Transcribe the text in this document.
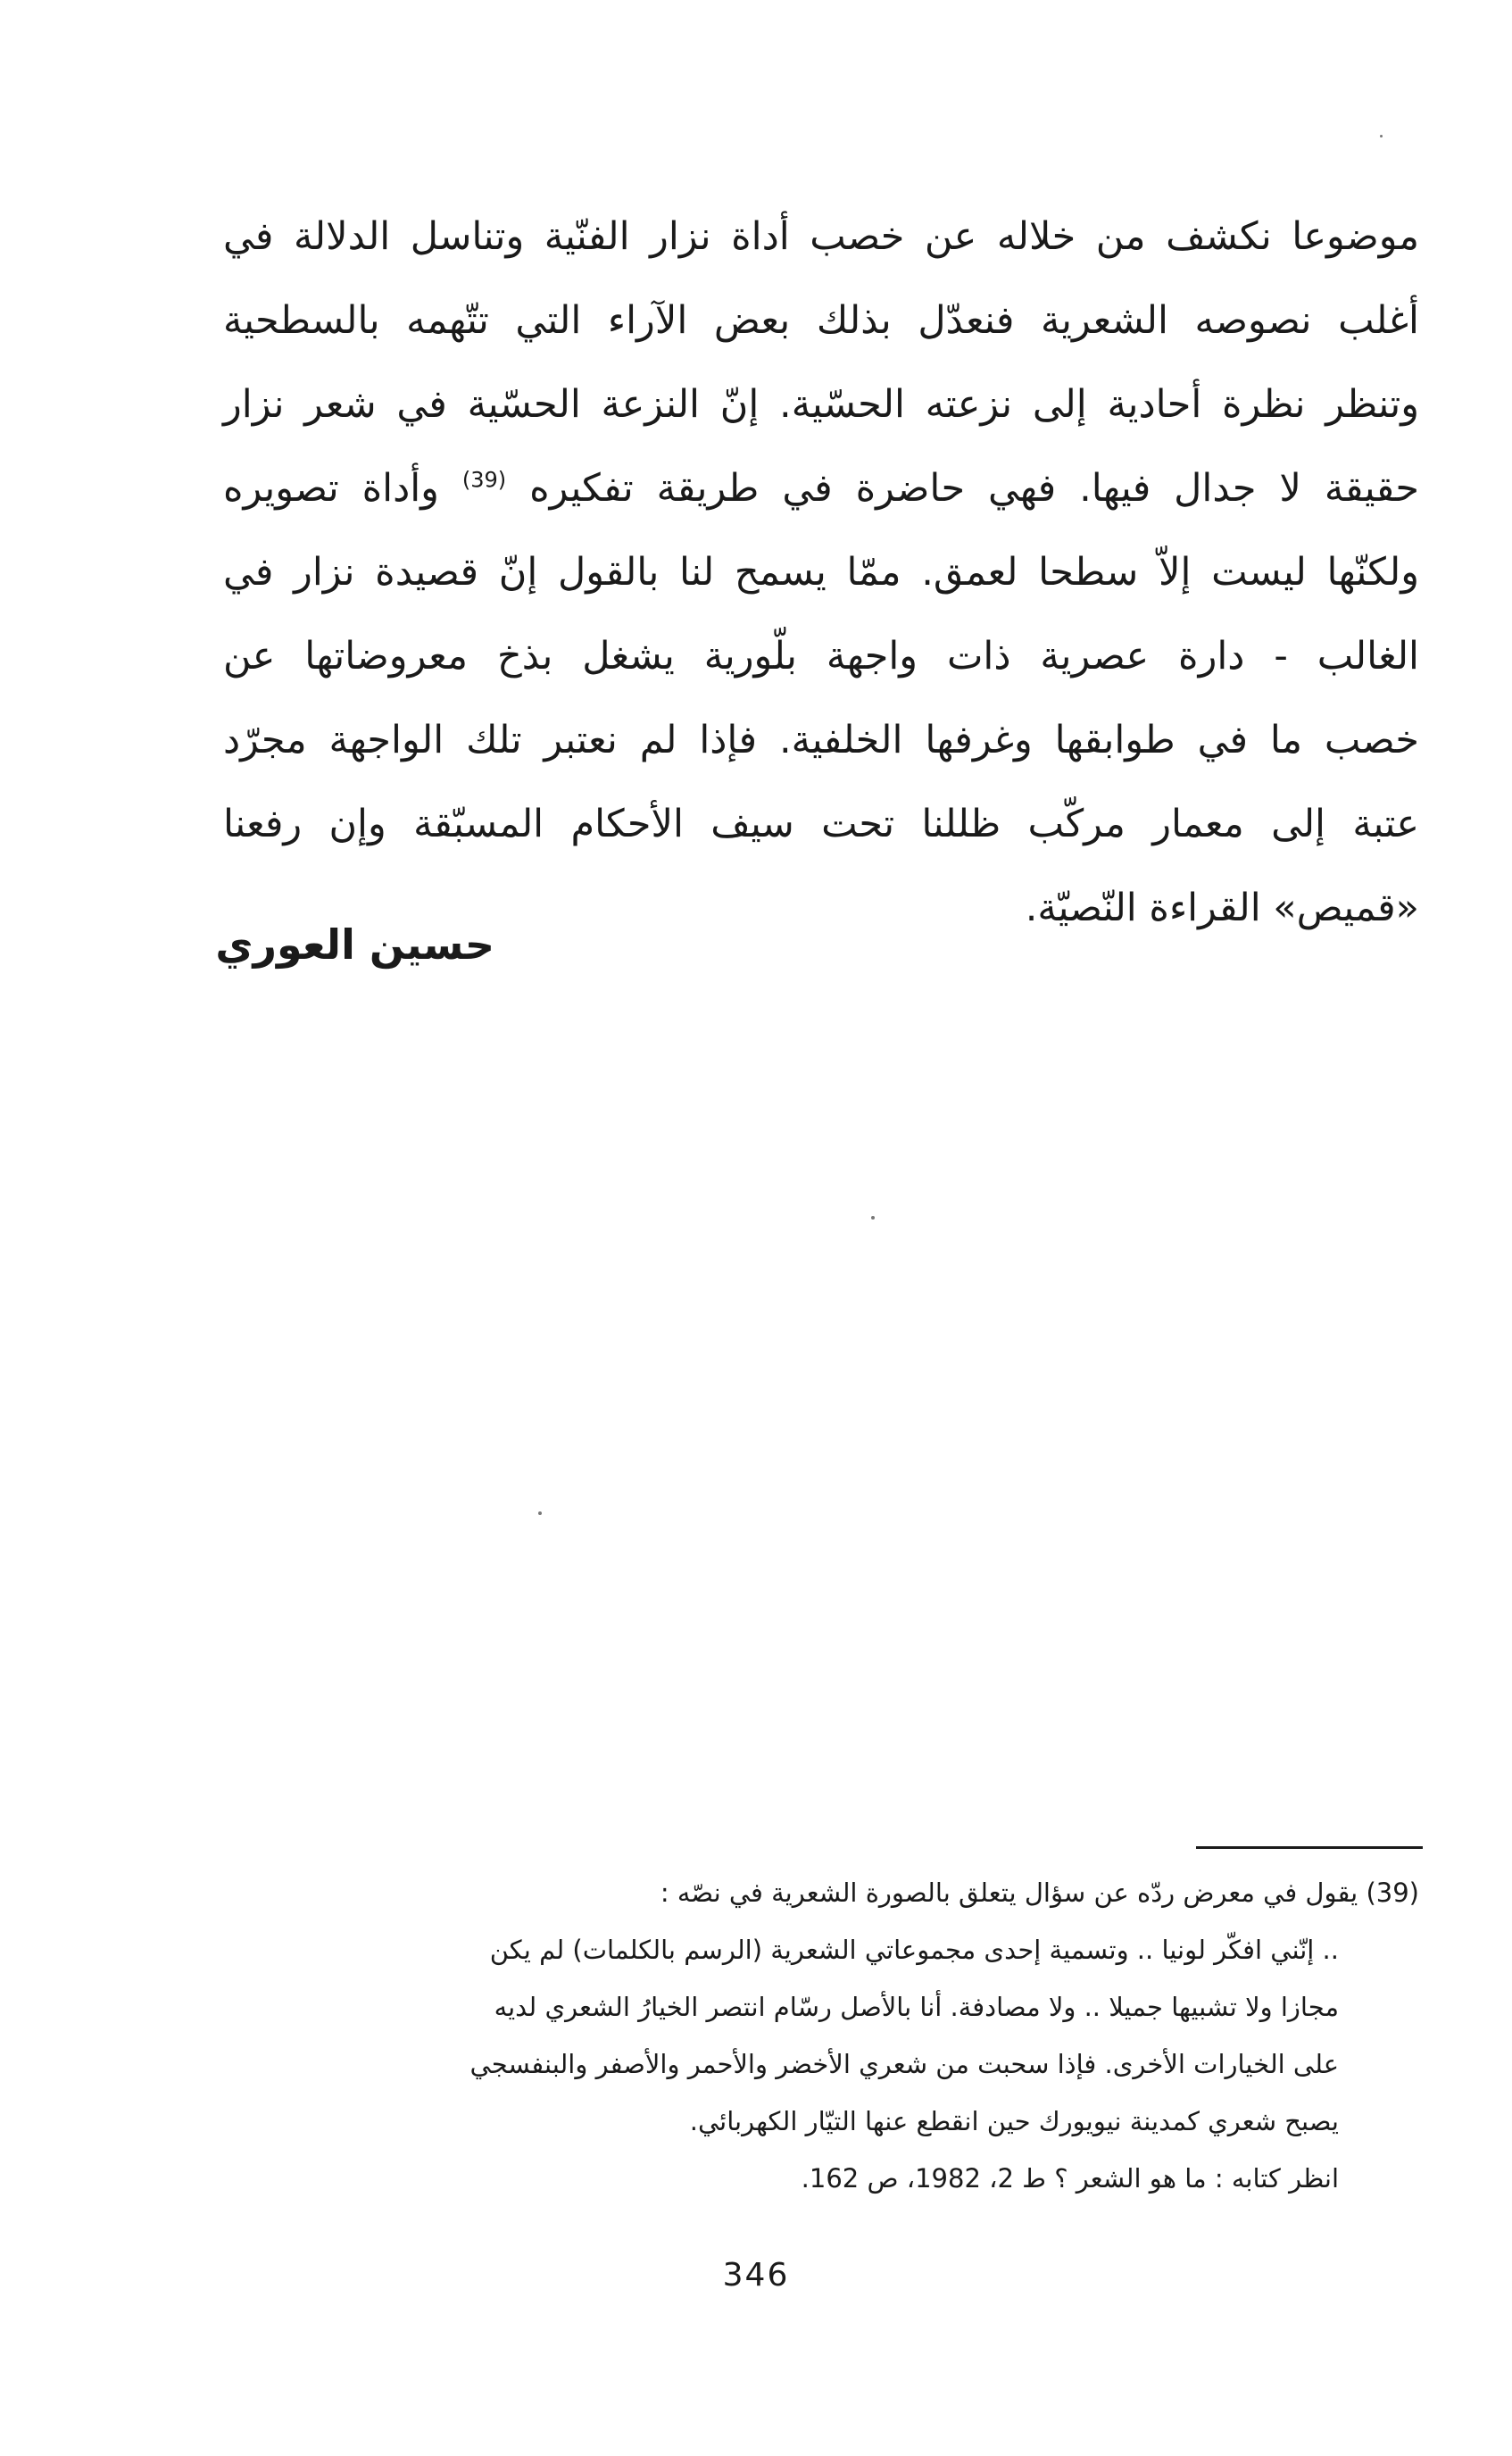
موضوعا نكشف من خلاله عن خصب أداة نزار الفنّية وتناسل الدلالة في
أغلب نصوصه الشعرية فنعدّل بذلك بعض الآراء التي تتّهمه بالسطحية
وتنظر نظرة أحادية إلى نزعته الحسّية. إنّ النزعة الحسّية في شعر نزار
حقيقة لا جدال فيها. فهي حاضرة في طريقة تفكيره $^{(39)}$ وأداة تصويره
ولكنّها ليست إلاّ سطحا لعمق. ممّا يسمح لنا بالقول إنّ قصيدة نزار في
الغالب - دارة عصرية ذات واجهة بلّورية يشغل بذخ معروضاتها عن
خصب ما في طوابقها وغرفها الخلفية. فإذا لم نعتبر تلك الواجهة مجرّد
عتبة إلى معمار مركّب ظللنا تحت سيف الأحكام المسبّقة وإن رفعنا
«قميص» القراءة النّصيّة.
حسين العوري
(39) يقول في معرض ردّه عن سؤال يتعلق بالصورة الشعرية في نصّه :
.. إنّني افكّر لونيا .. وتسمية إحدى مجموعاتي الشعرية (الرسم بالكلمات) لم يكن
مجازا ولا تشبيها جميلا .. ولا مصادفة. أنا بالأصل رسّام انتصر الخيارُ الشعري لديه
على الخيارات الأخرى. فإذا سحبت من شعري الأخضر والأحمر والأصفر والبنفسجي
يصبح شعري كمدينة نيويورك حين انقطع عنها التيّار الكهربائي.
انظر كتابه : ما هو الشعر ؟ ط 2، 1982، ص 162.
346
